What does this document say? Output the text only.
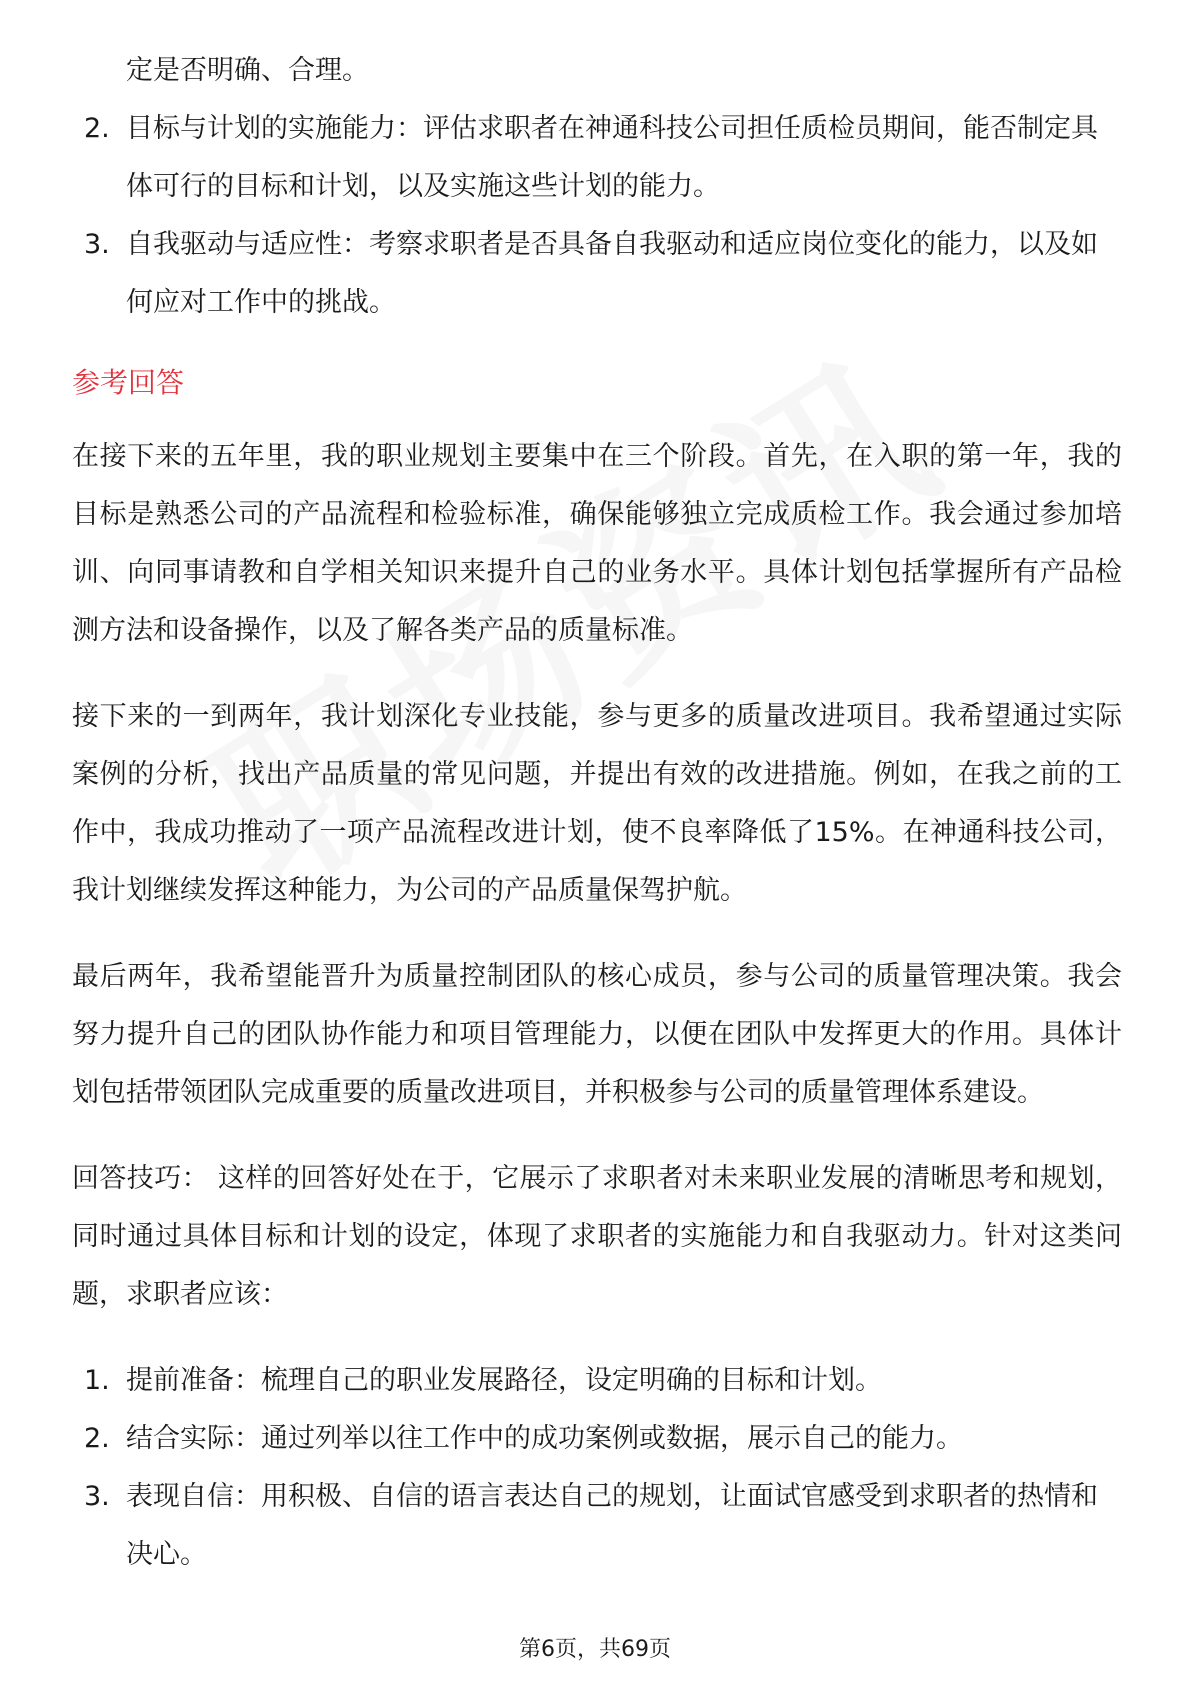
定是否明确、合理。

2. 目标与计划的实施能力：评估求职者在神通科技公司担任质检员期间，能否制定具体可行的目标和计划，以及实施这些计划的能力。
3. 自我驱动与适应性：考察求职者是否具备自我驱动和适应岗位变化的能力，以及如何应对工作中的挑战。
参考回答

在接下来的五年里，我的职业规划主要集中在三个阶段。首先，在入职的第一年，我的目标是熟悉公司的产品流程和检验标准，确保能够独立完成质检工作。我会通过参加培训、向同事请教和自学相关知识来提升自己的业务水平。具体计划包括掌握所有产品检测方法和设备操作，以及了解各类产品的质量标准。

接下来的一到两年，我计划深化专业技能，参与更多的质量改进项目。我希望通过实际案例的分析，找出产品质量的常见问题，并提出有效的改进措施。例如，在我之前的工作中，我成功推动了一项产品流程改进计划，使不良率降低了15%。在神通科技公司，我计划继续发挥这种能力，为公司的产品质量保驾护航。

最后两年，我希望能晋升为质量控制团队的核心成员，参与公司的质量管理决策。我会努力提升自己的团队协作能力和项目管理能力，以便在团队中发挥更大的作用。具体计划包括带领团队完成重要的质量改进项目，并积极参与公司的质量管理体系建设。

回答技巧： 这样的回答好处在于，它展示了求职者对未来职业发展的清晰思考和规划，同时通过具体目标和计划的设定，体现了求职者的实施能力和自我驱动力。针对这类问题，求职者应该：

1. 提前准备：梳理自己的职业发展路径，设定明确的目标和计划。
2. 结合实际：通过列举以往工作中的成功案例或数据，展示自己的能力。
3. 表现自信：用积极、自信的语言表达自己的规划，让面试官感受到求职者的热情和决心。
第6页，共69页
